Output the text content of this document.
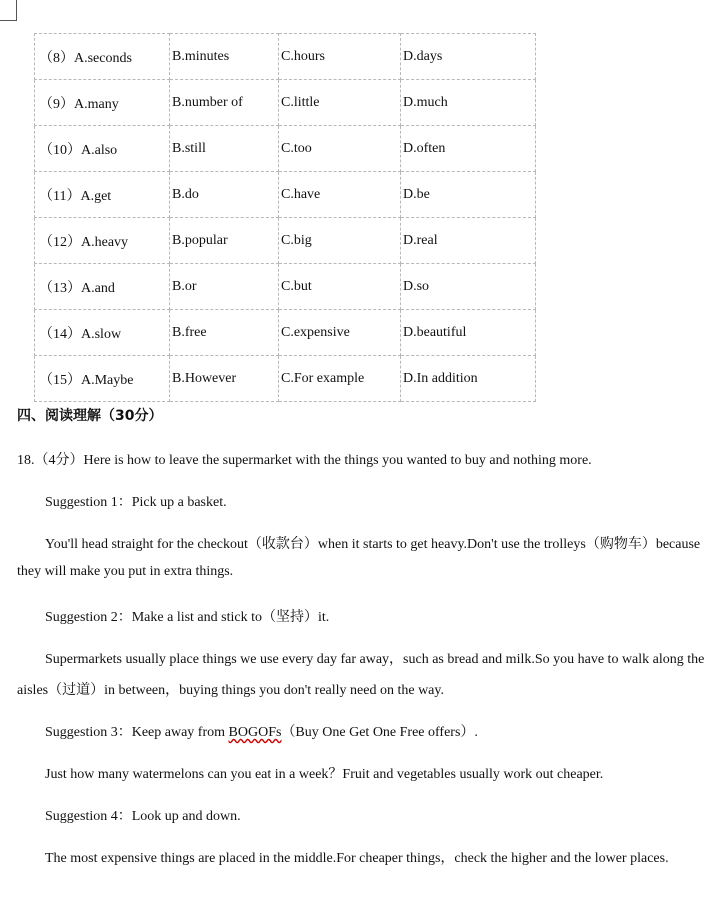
（8）A.seconds	B.minutes	C.hours	D.days
（9）A.many	B.number of	C.little	D.much
（10）A.also	B.still	C.too	D.often
（11）A.get	B.do	C.have	D.be
（12）A.heavy	B.popular	C.big	D.real
（13）A.and	B.or	C.but	D.so
（14）A.slow	B.free	C.expensive	D.beautiful
（15）A.Maybe	B.However	C.For example	D.In addition
四、阅读理解（30分）
18.（4分）Here is how to leave the supermarket with the things you wanted to buy and nothing more.
Suggestion 1：Pick up a basket.
You'll head straight for the checkout（收款台）when it starts to get heavy.Don't use the trolleys（购物车）because
they will make you put in extra things.
Suggestion 2：Make a list and stick to（坚持）it.
Supermarkets usually place things we use every day far away，such as bread and milk.So you have to walk along the
aisles（过道）in between，buying things you don't really need on the way.
Suggestion 3：Keep away from BOGOFs（Buy One Get One Free offers）.
Just how many watermelons can you eat in a week？Fruit and vegetables usually work out cheaper.
Suggestion 4：Look up and down.
The most expensive things are placed in the middle.For cheaper things，check the higher and the lower places.
